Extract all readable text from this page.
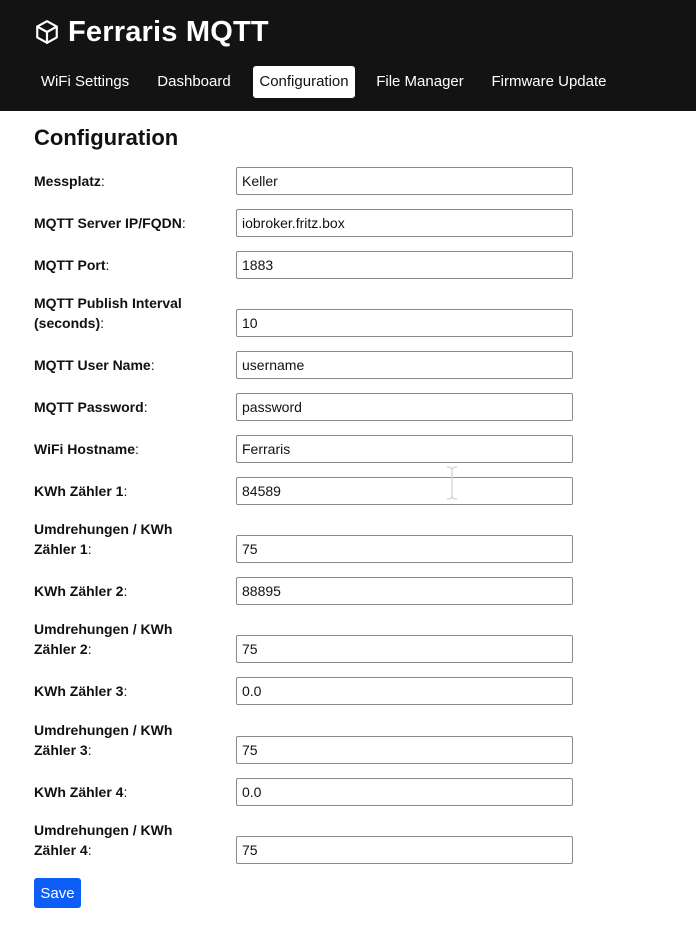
Ferraris MQTT
WiFi Settings	Dashboard	Configuration	File Manager	Firmware Update
Configuration
Messplatz:
Keller
MQTT Server IP/FQDN:
iobroker.fritz.box
MQTT Port:
1883
MQTT Publish Interval
(seconds):
10
MQTT User Name:
username
MQTT Password:
password
WiFi Hostname:
Ferraris
KWh Zähler 1:
84589
Umdrehungen / KWh
Zähler 1:
75
KWh Zähler 2:
88895
Umdrehungen / KWh
Zähler 2:
75
KWh Zähler 3:
0.0
Umdrehungen / KWh
Zähler 3:
75
KWh Zähler 4:
0.0
Umdrehungen / KWh
Zähler 4:
75
Save
